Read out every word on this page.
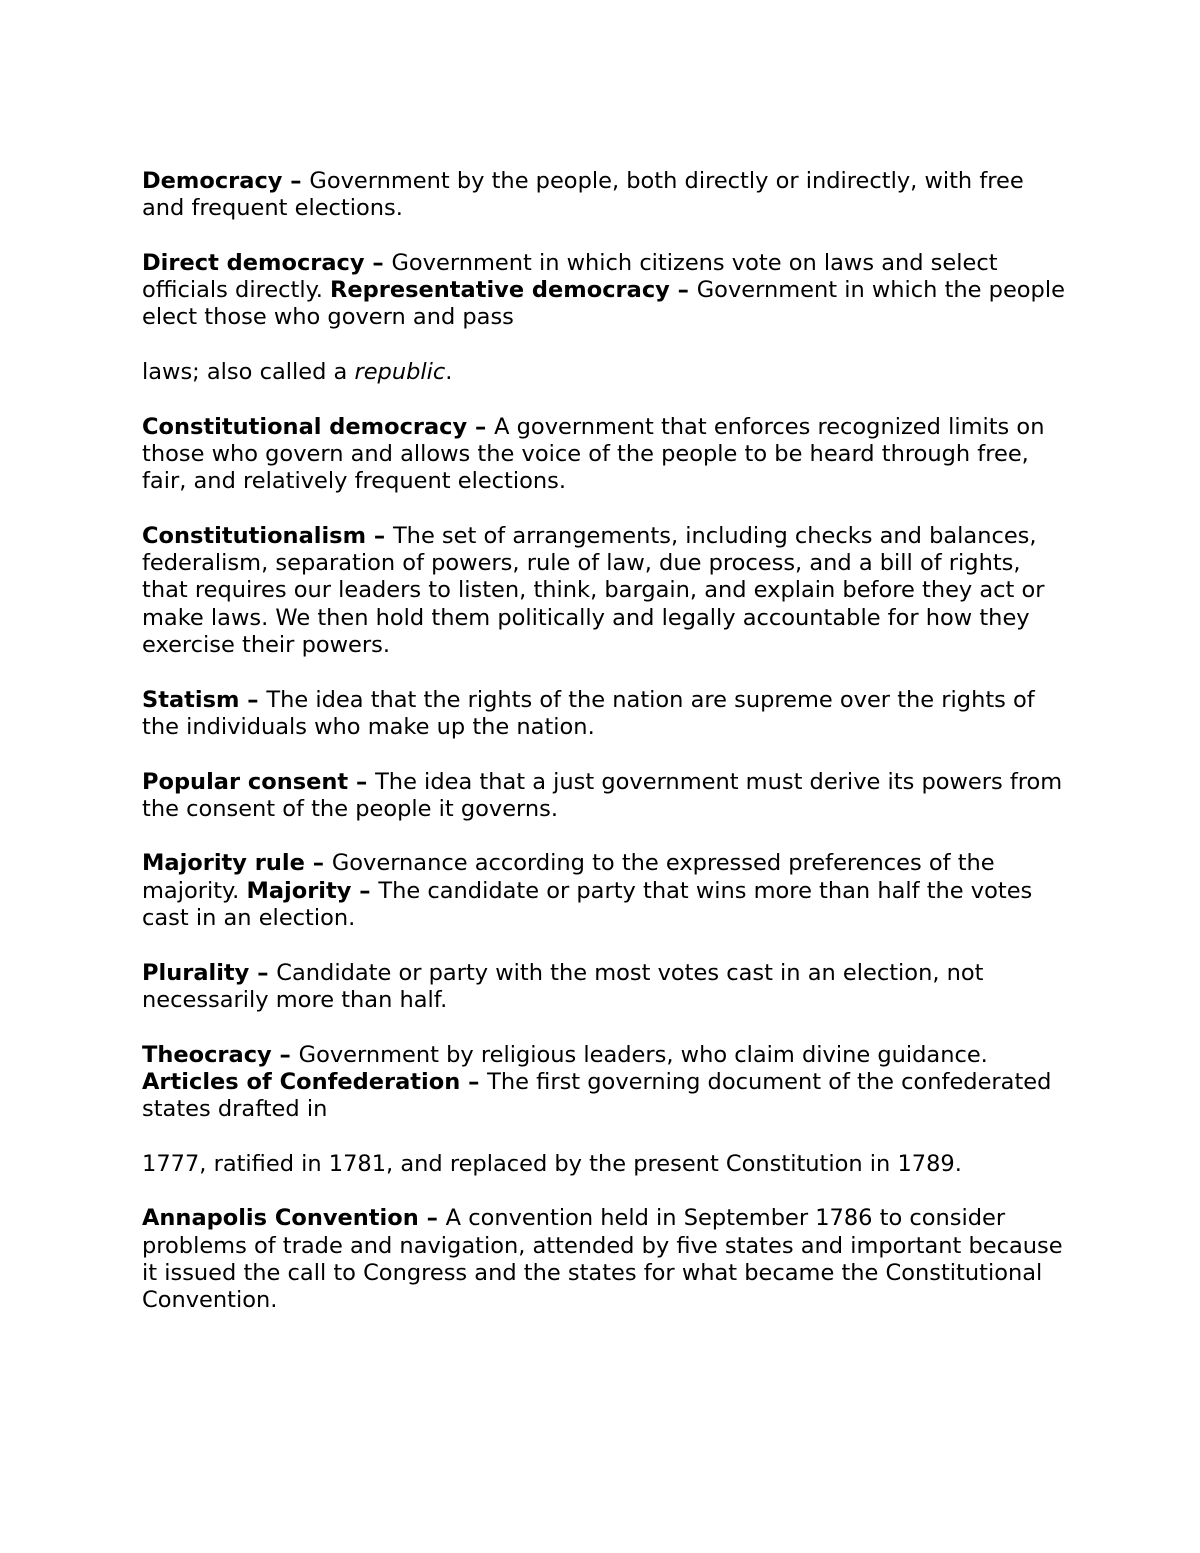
Democracy – Government by the people, both directly or indirectly, with free and frequent elections.

Direct democracy – Government in which citizens vote on laws and select officials directly. Representative democracy – Government in which the people elect those who govern and pass

laws; also called a republic.

Constitutional democracy – A government that enforces recognized limits on those who govern and allows the voice of the people to be heard through free, fair, and relatively frequent elections.

Constitutionalism – The set of arrangements, including checks and balances, federalism, separation of powers, rule of law, due process, and a bill of rights, that requires our leaders to listen, think, bargain, and explain before they act or make laws. We then hold them politically and legally accountable for how they exercise their powers.

Statism – The idea that the rights of the nation are supreme over the rights of the individuals who make up the nation.

Popular consent – The idea that a just government must derive its powers from the consent of the people it governs.

Majority rule – Governance according to the expressed preferences of the majority. Majority – The candidate or party that wins more than half the votes cast in an election.

Plurality – Candidate or party with the most votes cast in an election, not necessarily more than half.

Theocracy – Government by religious leaders, who claim divine guidance.

Articles of Confederation – The first governing document of the confederated states drafted in

1777, ratified in 1781, and replaced by the present Constitution in 1789.

Annapolis Convention – A convention held in September 1786 to consider problems of trade and navigation, attended by five states and important because it issued the call to Congress and the states for what became the Constitutional Convention.
